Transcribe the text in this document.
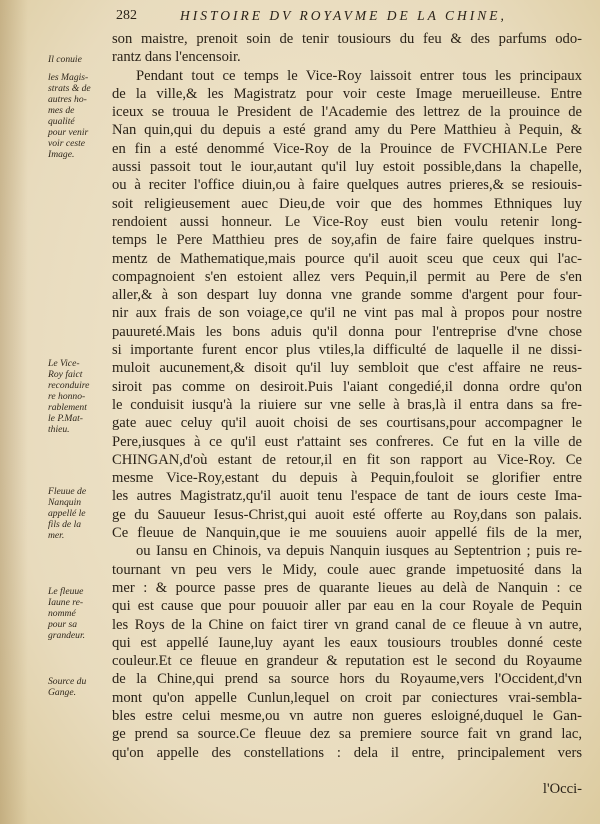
282	HISTOIRE DV ROYAVME DE LA CHINE,
son maistre, prenoit soin de tenir tousiours du feu & des parfums odo-
rantz dans l'encensoir.
Pendant tout ce temps le Vice-Roy laissoit entrer tous les principaux
de la ville,& les Magistratz pour voir ceste Image merueilleuse. Entre
iceux se trouua le President de l'Academie des lettrez de la prouince de
Nan quin,qui du depuis a esté grand amy du Pere Matthieu à Pequin, &
en fin a esté denommé Vice-Roy de la Prouince de FVCHIAN.Le Pere
aussi passoit tout le iour,autant qu'il luy estoit possible,dans la chapelle,
ou à reciter l'office diuin,ou à faire quelques autres prieres,& se resiouis-
soit religieusement auec Dieu,de voir que des hommes Ethniques luy
rendoient aussi honneur. Le Vice-Roy eust bien voulu retenir long-
temps le Pere Matthieu pres de soy,afin de faire faire quelques instru-
mentz de Mathematique,mais pource qu'il auoit sceu que ceux qui l'ac-
compagnoient s'en estoient allez vers Pequin,il permit au Pere de s'en
aller,& à son despart luy donna vne grande somme d'argent pour four-
nir aux frais de son voiage,ce qu'il ne vint pas mal à propos pour nostre
pauureté.Mais les bons aduis qu'il donna pour l'entreprise d'vne chose
si importante furent encor plus vtiles,la difficulté de laquelle il ne dissi-
muloit aucunement,& disoit qu'il luy sembloit que c'est affaire ne reus-
siroit pas comme on desiroit.Puis l'aiant congedié,il donna ordre qu'on
le conduisit iusqu'à la riuiere sur vne selle à bras,là il entra dans sa fre-
gate auec celuy qu'il auoit choisi de ses courtisans,pour accompagner le
Pere,iusques à ce qu'il eust r'attaint ses confreres. Ce fut en la ville de
CHINGAN,d'où estant de retour,il en fit son rapport au Vice-Roy. Ce
mesme Vice-Roy,estant du depuis à Pequin,fouloit se glorifier entre
les autres Magistratz,qu'il auoit tenu l'espace de tant de iours ceste Ima-
ge du Sauueur Iesus-Christ,qui auoit esté offerte au Roy,dans son palais.
Ce fleuue de Nanquin,que ie me souuiens auoir appellé fils de la mer,
ou Iansu en Chinois, va depuis Nanquin iusques au Septentrion ; puis re-
tournant vn peu vers le Midy, coule auec grande impetuosité dans la
mer : & pource passe pres de quarante lieues au delà de Nanquin : ce
qui est cause que pour pouuoir aller par eau en la cour Royale de Pequin
les Roys de la Chine on faict tirer vn grand canal de ce fleuue à vn autre,
qui est appellé Iaune,luy ayant les eaux tousiours troubles donné ceste
couleur.Et ce fleuue en grandeur & reputation est le second du Royaume
de la Chine,qui prend sa source hors du Royaume,vers l'Occident,d'vn
mont qu'on appelle Cunlun,lequel on croit par coniectures vrai-sembla-
bles estre celui mesme,ou vn autre non gueres esloigné,duquel le Gan-
ge prend sa source.Ce fleuue dez sa premiere source fait vn grand lac,
qu'on appelle des constellations : dela il entre, principalement vers
l'Occi-
Il conuie
les Magis-
strats & de
autres ho-
mes de
qualité
pour venir
voir ceste
Image.
Le Vice-
Roy faict
reconduire
re honno-
rablement
le P.Mat-
thieu.
Fleuue de
Nanquin
appellé le
fils de la
mer.
Le fleuue
Iaune re-
nommé
pour sa
grandeur.
Source du
Gange.
